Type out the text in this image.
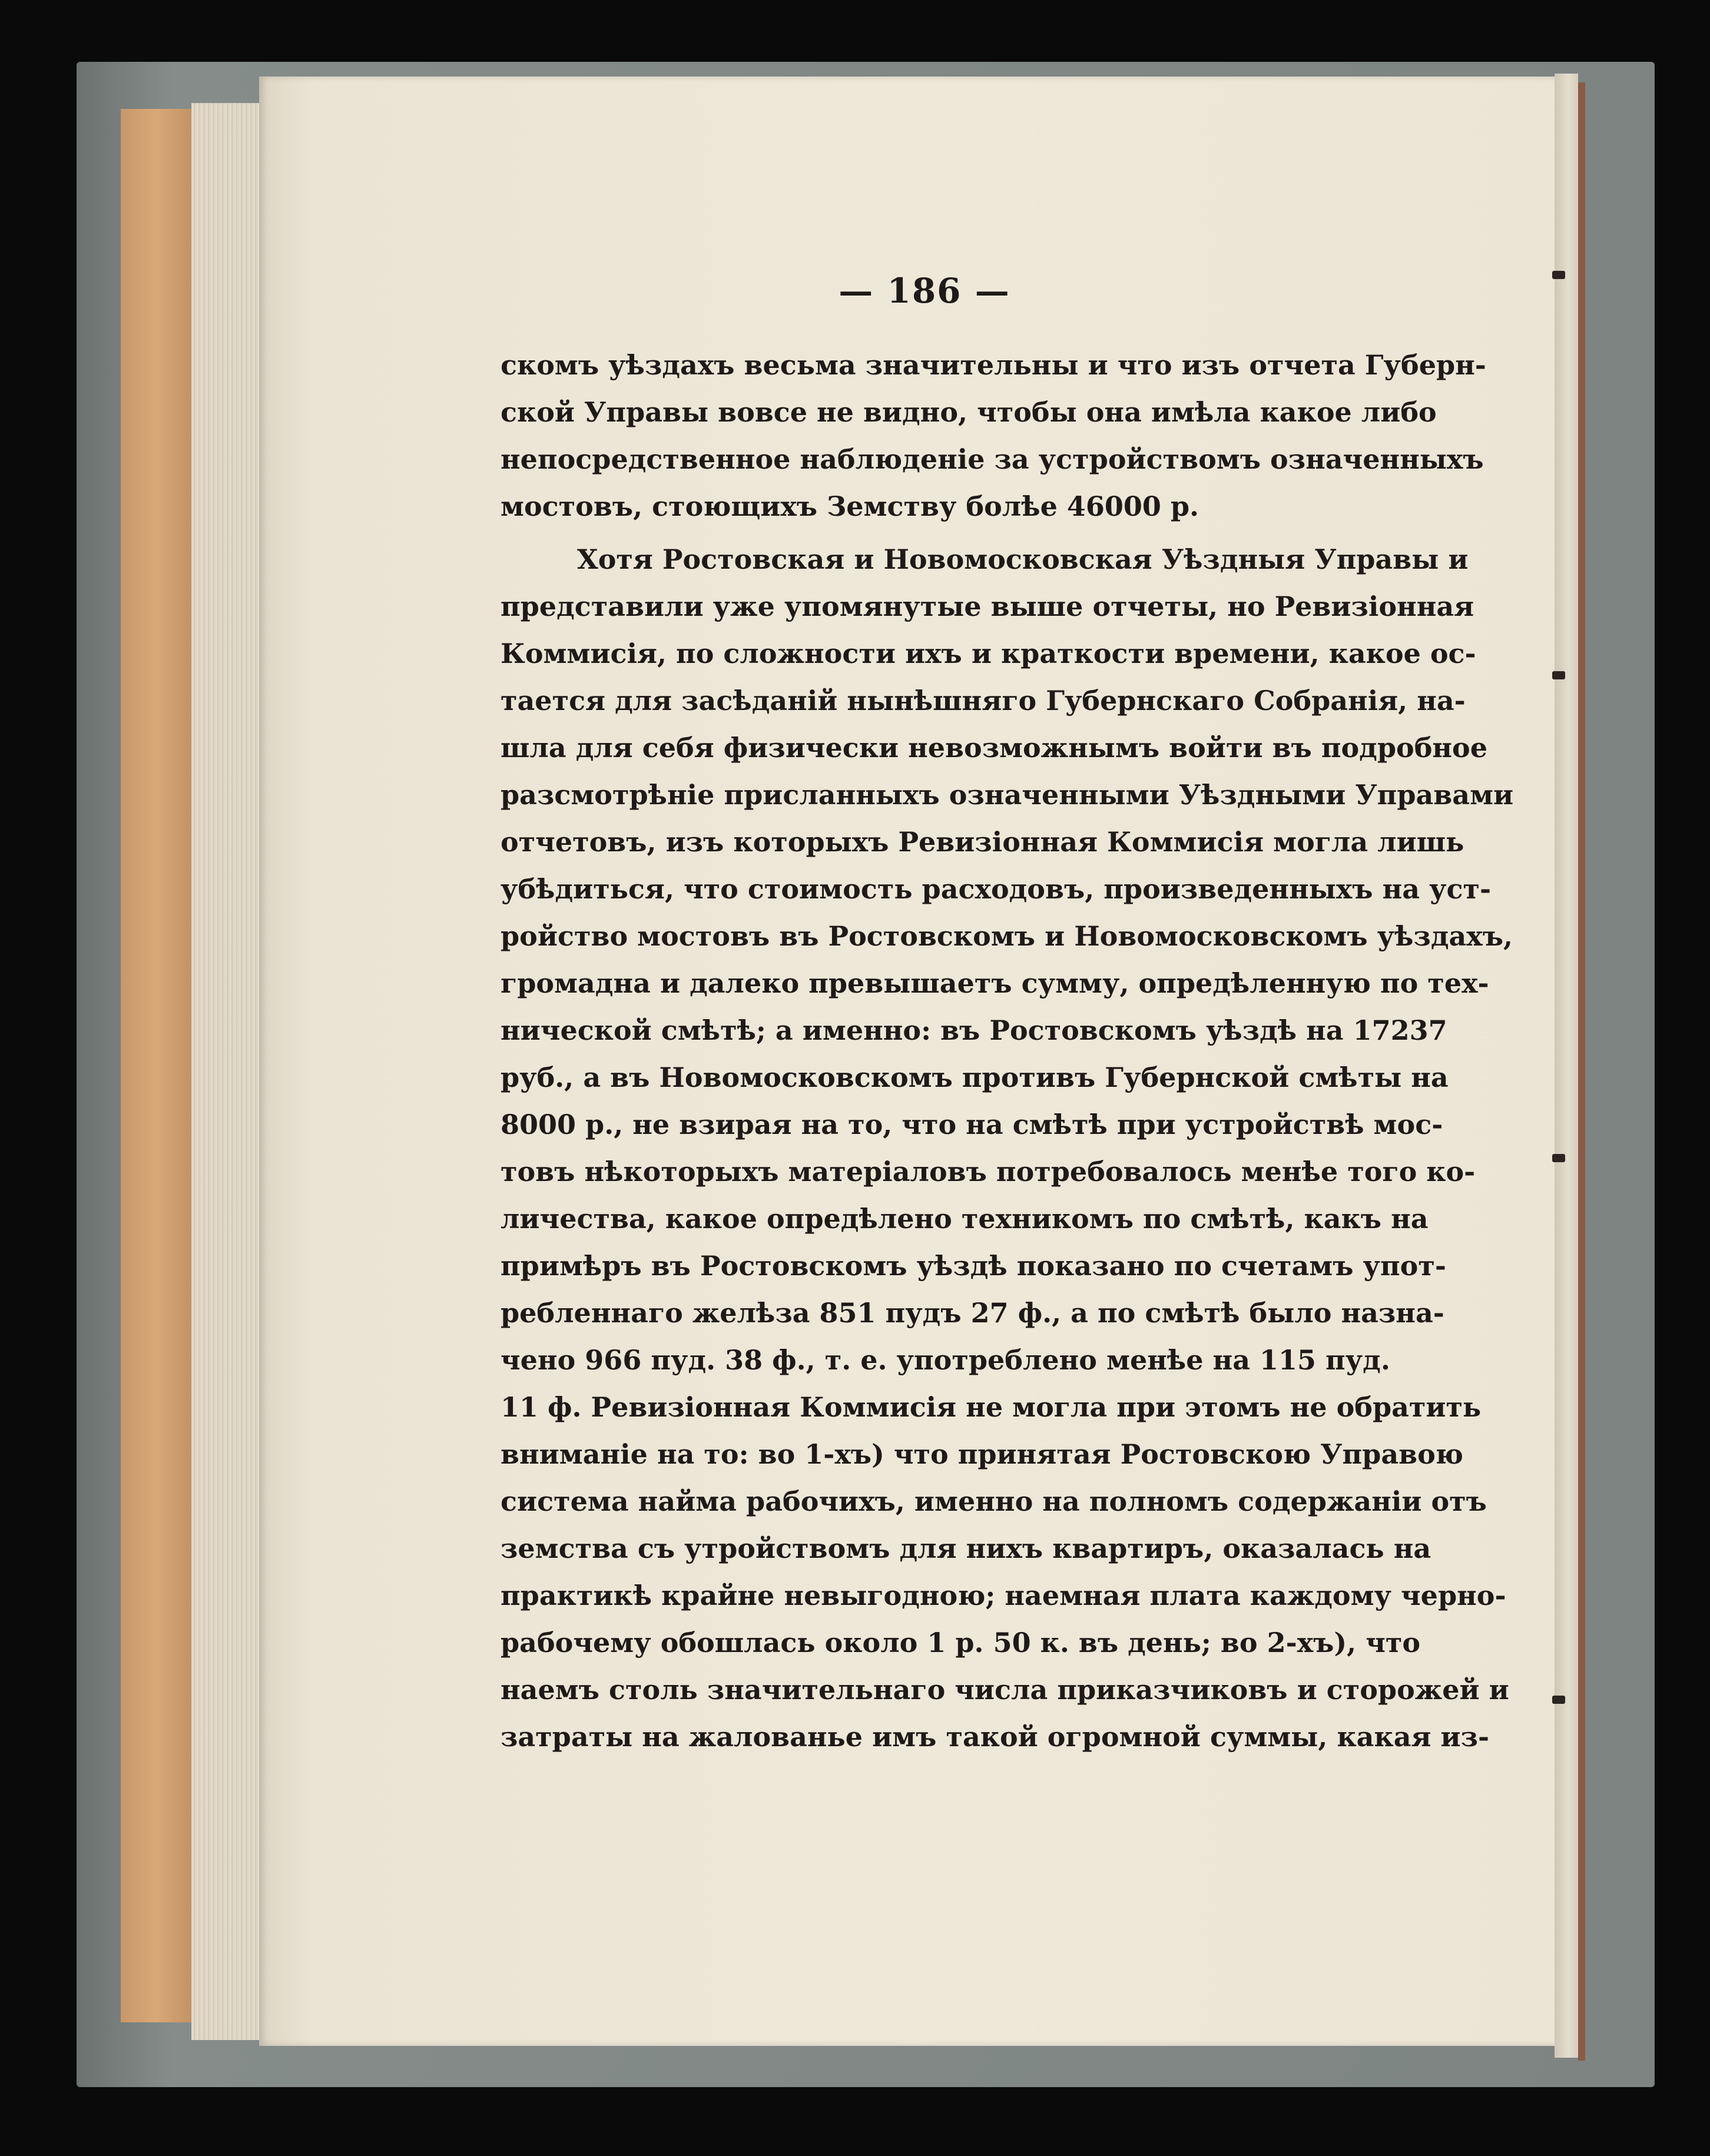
— 186 —
скомъ уѣздахъ весьма значительны и что изъ отчета Губерн-
ской Управы вовсе не видно, чтобы она имѣла какое либо
непосредственное наблюденіе за устройствомъ означенныхъ
мостовъ, стоющихъ Земству болѣе 46000 р.
Хотя Ростовская и Новомосковская Уѣздныя Управы и
представили уже упомянутые выше отчеты, но Ревизіонная
Коммисія, по сложности ихъ и краткости времени, какое ос-
тается для засѣданій нынѣшняго Губернскаго Собранія, на-
шла для себя физически невозможнымъ войти въ подробное
разсмотрѣніе присланныхъ означенными Уѣздными Управами
отчетовъ, изъ которыхъ Ревизіонная Коммисія могла лишь
убѣдиться, что стоимость расходовъ, произведенныхъ на уст-
ройство мостовъ въ Ростовскомъ и Новомосковскомъ уѣздахъ,
громадна и далеко превышаетъ сумму, опредѣленную по тех-
нической смѣтѣ; а именно: въ Ростовскомъ уѣздѣ на 17237
руб., а въ Новомосковскомъ противъ Губернской смѣты на
8000 р., не взирая на то, что на смѣтѣ при устройствѣ мос-
товъ нѣкоторыхъ матеріаловъ потребовалось менѣе того ко-
личества, какое опредѣлено техникомъ по смѣтѣ, какъ на
примѣръ въ Ростовскомъ уѣздѣ показано по счетамъ упот-
ребленнаго желѣза 851 пудъ 27 ф., а по смѣтѣ было назна-
чено 966 пуд. 38 ф., т. е. употреблено менѣе на 115 пуд.
11 ф. Ревизіонная Коммисія не могла при этомъ не обратить
вниманіе на то: во 1-хъ) что принятая Ростовскою Управою
система найма рабочихъ, именно на полномъ содержаніи отъ
земства съ утройствомъ для нихъ квартиръ, оказалась на
практикѣ крайне невыгодною; наемная плата каждому черно-
рабочему обошлась около 1 р. 50 к. въ день; во 2-хъ), что
наемъ столь значительнаго числа приказчиковъ и сторожей и
затраты на жалованье имъ такой огромной суммы, какая из-
